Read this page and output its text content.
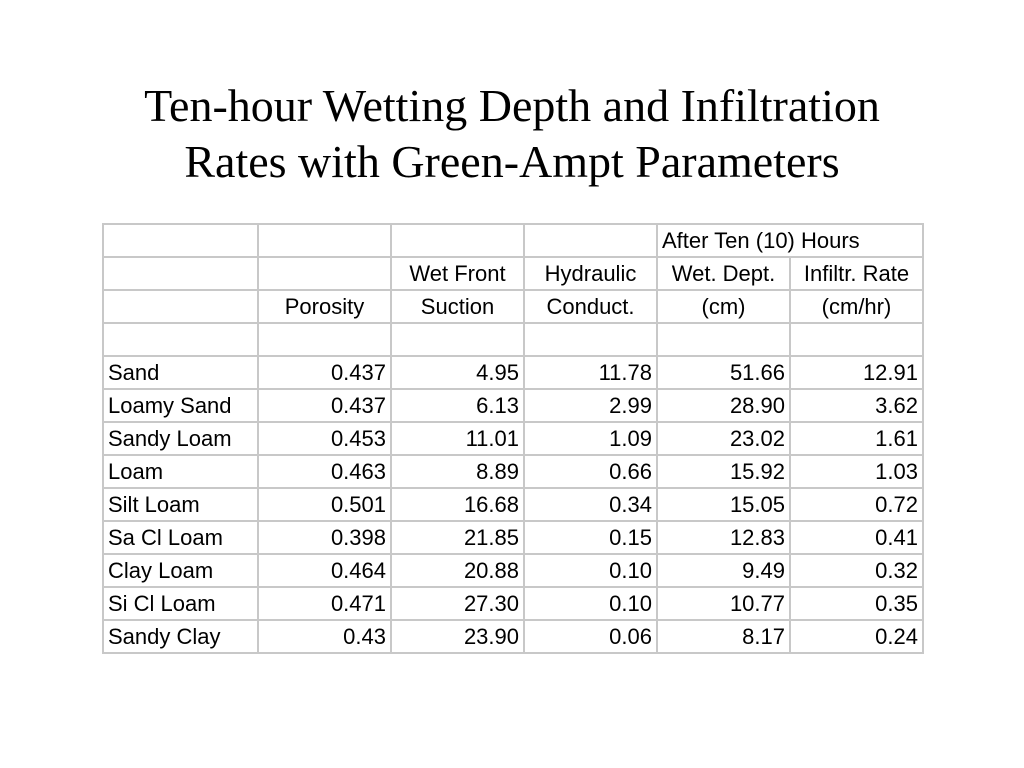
Ten-hour Wetting Depth and Infiltration
Rates with Green-Ampt Parameters
				After Ten (10) Hours	
		Wet Front	Hydraulic	Wet. Dept.	Infiltr. Rate
	Porosity	Suction	Conduct.	(cm)	(cm/hr)

Sand	0.437	4.95	11.78	51.66	12.91
Loamy Sand	0.437	6.13	2.99	28.90	3.62
Sandy Loam	0.453	11.01	1.09	23.02	1.61
Loam	0.463	8.89	0.66	15.92	1.03
Silt Loam	0.501	16.68	0.34	15.05	0.72
Sa Cl Loam	0.398	21.85	0.15	12.83	0.41
Clay Loam	0.464	20.88	0.10	9.49	0.32
Si Cl Loam	0.471	27.30	0.10	10.77	0.35
Sandy Clay	0.43	23.90	0.06	8.17	0.24
